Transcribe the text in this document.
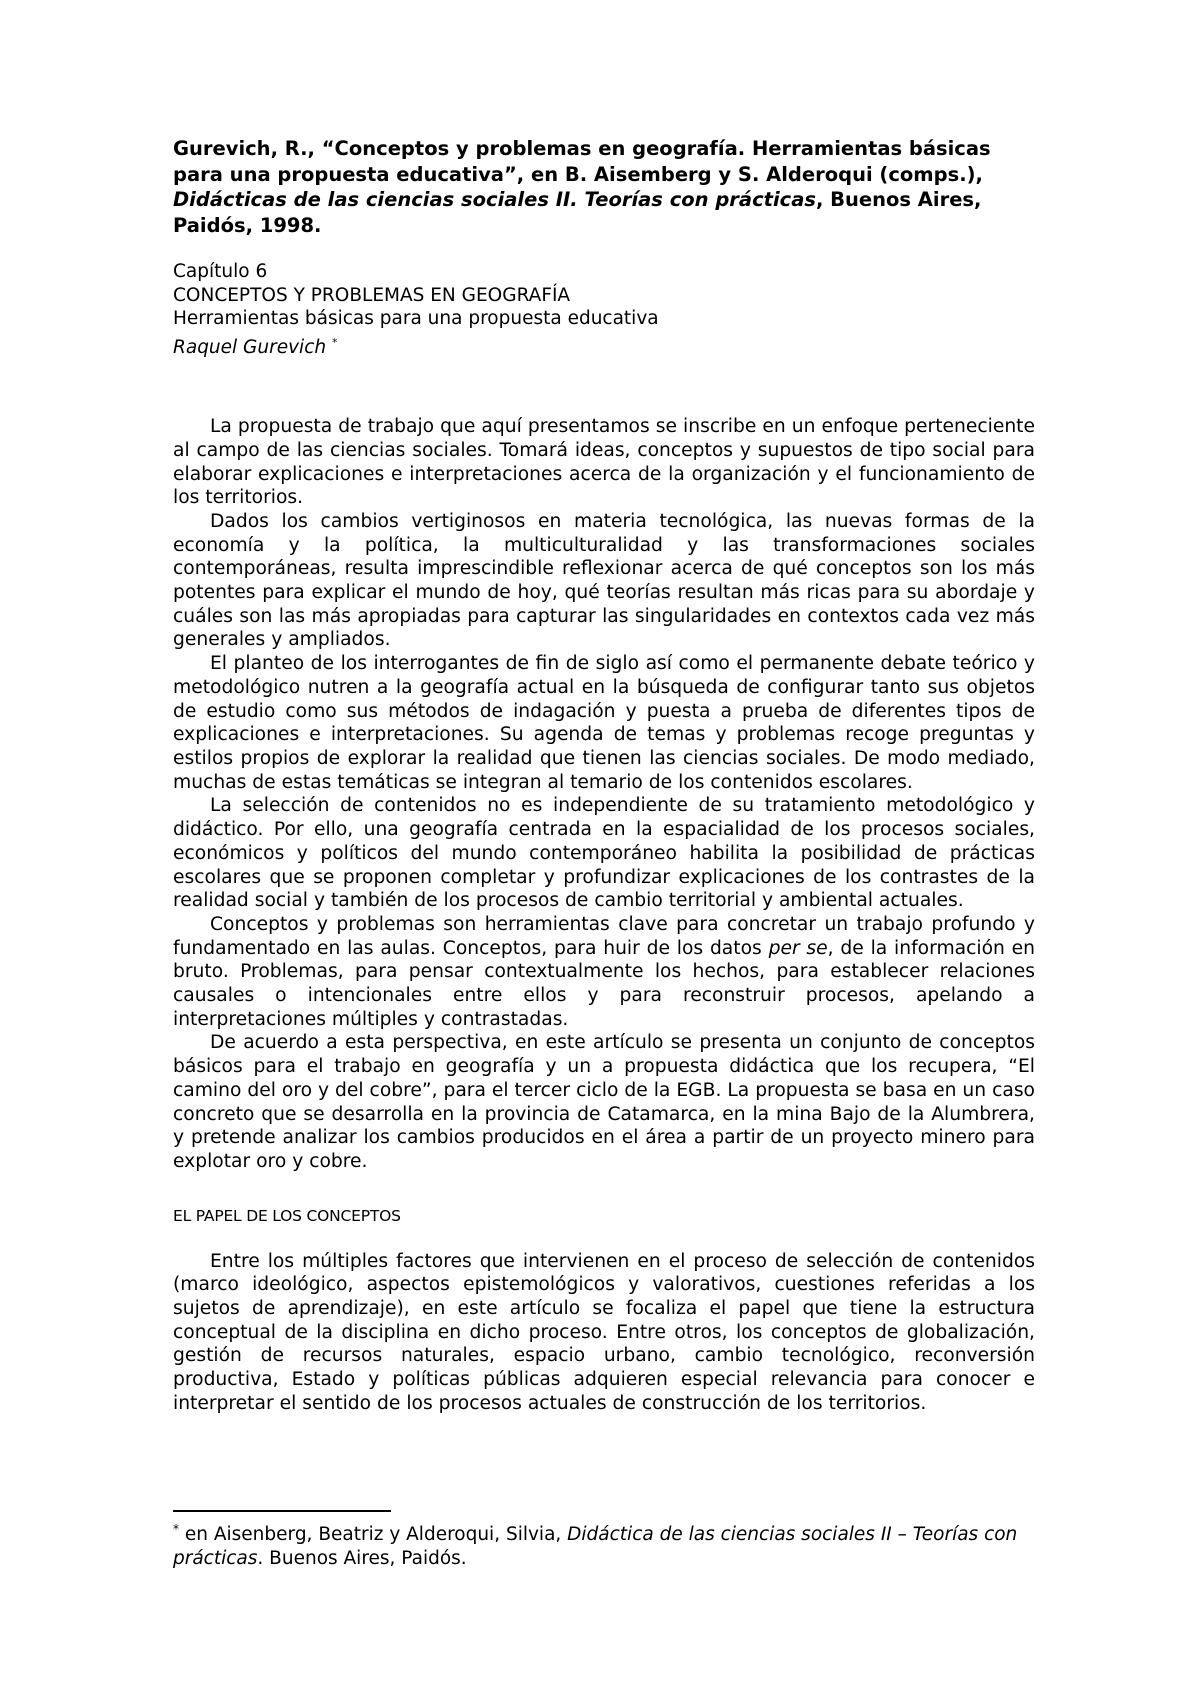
Gurevich, R., “Conceptos y problemas en geografía. Herramientas básicas para una propuesta educativa”, en B. Aisemberg y S. Alderoqui (comps.), Didácticas de las ciencias sociales II. Teorías con prácticas, Buenos Aires, Paidós, 1998.

Capítulo 6
CONCEPTOS Y PROBLEMAS EN GEOGRAFÍA
Herramientas básicas para una propuesta educativa
Raquel Gurevich *

La propuesta de trabajo que aquí presentamos se inscribe en un enfoque perteneciente al campo de las ciencias sociales. Tomará ideas, conceptos y supuestos de tipo social para elaborar explicaciones e interpretaciones acerca de la organización y el funcionamiento de los territorios.

Dados los cambios vertiginosos en materia tecnológica, las nuevas formas de la economía y la política, la multiculturalidad y las transformaciones sociales contemporáneas, resulta imprescindible reflexionar acerca de qué conceptos son los más potentes para explicar el mundo de hoy, qué teorías resultan más ricas para su abordaje y cuáles son las más apropiadas para capturar las singularidades en contextos cada vez más generales y ampliados.

El planteo de los interrogantes de fin de siglo así como el permanente debate teórico y metodológico nutren a la geografía actual en la búsqueda de configurar tanto sus objetos de estudio como sus métodos de indagación y puesta a prueba de diferentes tipos de explicaciones e interpretaciones. Su agenda de temas y problemas recoge preguntas y estilos propios de explorar la realidad que tienen las ciencias sociales. De modo mediado, muchas de estas temáticas se integran al temario de los contenidos escolares.

La selección de contenidos no es independiente de su tratamiento metodológico y didáctico. Por ello, una geografía centrada en la espacialidad de los procesos sociales, económicos y políticos del mundo contemporáneo habilita la posibilidad de prácticas escolares que se proponen completar y profundizar explicaciones de los contrastes de la realidad social y también de los procesos de cambio territorial y ambiental actuales.

Conceptos y problemas son herramientas clave para concretar un trabajo profundo y fundamentado en las aulas. Conceptos, para huir de los datos per se, de la información en bruto. Problemas, para pensar contextualmente los hechos, para establecer relaciones causales o intencionales entre ellos y para reconstruir procesos, apelando a interpretaciones múltiples y contrastadas.

De acuerdo a esta perspectiva, en este artículo se presenta un conjunto de conceptos básicos para el trabajo en geografía y un a propuesta didáctica que los recupera, “El camino del oro y del cobre”, para el tercer ciclo de la EGB. La propuesta se basa en un caso concreto que se desarrolla en la provincia de Catamarca, en la mina Bajo de la Alumbrera, y pretende analizar los cambios producidos en el área a partir de un proyecto minero para explotar oro y cobre.

EL PAPEL DE LOS CONCEPTOS

Entre los múltiples factores que intervienen en el proceso de selección de contenidos (marco ideológico, aspectos epistemológicos y valorativos, cuestiones referidas a los sujetos de aprendizaje), en este artículo se focaliza el papel que tiene la estructura conceptual de la disciplina en dicho proceso. Entre otros, los conceptos de globalización, gestión de recursos naturales, espacio urbano, cambio tecnológico, reconversión productiva, Estado y políticas públicas adquieren especial relevancia para conocer e interpretar el sentido de los procesos actuales de construcción de los territorios.

* en Aisenberg, Beatriz y Alderoqui, Silvia, Didáctica de las ciencias sociales II – Teorías con prácticas. Buenos Aires, Paidós.
